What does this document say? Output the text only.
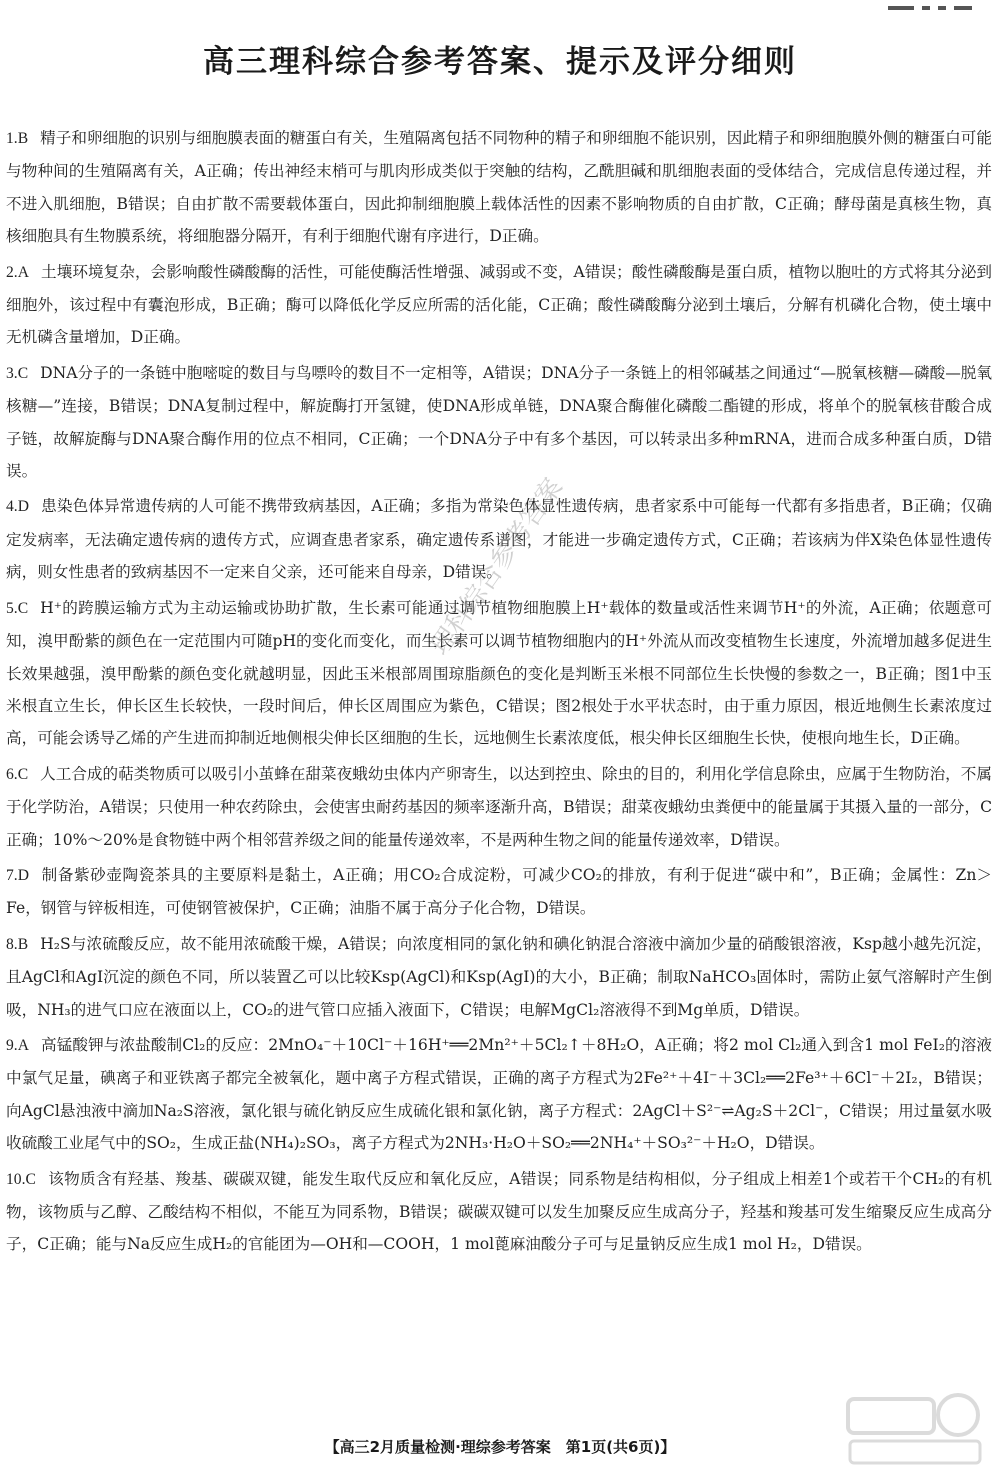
高三理科综合参考答案、提示及评分细则

1.B 精子和卵细胞的识别与细胞膜表面的糖蛋白有关，生殖隔离包括不同物种的精子和卵细胞不能识别，因此精子和卵细胞膜外侧的糖蛋白可能与物种间的生殖隔离有关，A正确；传出神经末梢可与肌肉形成类似于突触的结构，乙酰胆碱和肌细胞表面的受体结合，完成信息传递过程，并不进入肌细胞，B错误；自由扩散不需要载体蛋白，因此抑制细胞膜上载体活性的因素不影响物质的自由扩散，C正确；酵母菌是真核生物，真核细胞具有生物膜系统，将细胞器分隔开，有利于细胞代谢有序进行，D正确。

2.A 土壤环境复杂，会影响酸性磷酸酶的活性，可能使酶活性增强、减弱或不变，A错误；酸性磷酸酶是蛋白质，植物以胞吐的方式将其分泌到细胞外，该过程中有囊泡形成，B正确；酶可以降低化学反应所需的活化能，C正确；酸性磷酸酶分泌到土壤后，分解有机磷化合物，使土壤中无机磷含量增加，D正确。

3.C DNA分子的一条链中胞嘧啶的数目与鸟嘌呤的数目不一定相等，A错误；DNA分子一条链上的相邻碱基之间通过“—脱氧核糖—磷酸—脱氧核糖—”连接，B错误；DNA复制过程中，解旋酶打开氢键，使DNA形成单链，DNA聚合酶催化磷酸二酯键的形成，将单个的脱氧核苷酸合成子链，故解旋酶与DNA聚合酶作用的位点不相同，C正确；一个DNA分子中有多个基因，可以转录出多种mRNA，进而合成多种蛋白质，D错误。

4.D 患染色体异常遗传病的人可能不携带致病基因，A正确；多指为常染色体显性遗传病，患者家系中可能每一代都有多指患者，B正确；仅确定发病率，无法确定遗传病的遗传方式，应调查患者家系，确定遗传系谱图，才能进一步确定遗传方式，C正确；若该病为伴X染色体显性遗传病，则女性患者的致病基因不一定来自父亲，还可能来自母亲，D错误。

5.C H⁺的跨膜运输方式为主动运输或协助扩散，生长素可能通过调节植物细胞膜上H⁺载体的数量或活性来调节H⁺的外流，A正确；依题意可知，溴甲酚紫的颜色在一定范围内可随pH的变化而变化，而生长素可以调节植物细胞内的H⁺外流从而改变植物生长速度，外流增加越多促进生长效果越强，溴甲酚紫的颜色变化就越明显，因此玉米根部周围琼脂颜色的变化是判断玉米根不同部位生长快慢的参数之一，B正确；图1中玉米根直立生长，伸长区生长较快，一段时间后，伸长区周围应为紫色，C错误；图2根处于水平状态时，由于重力原因，根近地侧生长素浓度过高，可能会诱导乙烯的产生进而抑制近地侧根尖伸长区细胞的生长，远地侧生长素浓度低，根尖伸长区细胞生长快，使根向地生长，D正确。

6.C 人工合成的萜类物质可以吸引小茧蜂在甜菜夜蛾幼虫体内产卵寄生，以达到控虫、除虫的目的，利用化学信息除虫，应属于生物防治，不属于化学防治，A错误；只使用一种农药除虫，会使害虫耐药基因的频率逐渐升高，B错误；甜菜夜蛾幼虫粪便中的能量属于其摄入量的一部分，C正确；10%～20%是食物链中两个相邻营养级之间的能量传递效率，不是两种生物之间的能量传递效率，D错误。

7.D 制备紫砂壶陶瓷茶具的主要原料是黏土，A正确；用CO₂合成淀粉，可减少CO₂的排放，有利于促进“碳中和”，B正确；金属性：Zn＞Fe，钢管与锌板相连，可使钢管被保护，C正确；油脂不属于高分子化合物，D错误。

8.B H₂S与浓硫酸反应，故不能用浓硫酸干燥，A错误；向浓度相同的氯化钠和碘化钠混合溶液中滴加少量的硝酸银溶液，Ksp越小越先沉淀，且AgCl和AgI沉淀的颜色不同，所以装置乙可以比较Ksp(AgCl)和Ksp(AgI)的大小，B正确；制取NaHCO₃固体时，需防止氨气溶解时产生倒吸，NH₃的进气口应在液面以上，CO₂的进气管口应插入液面下，C错误；电解MgCl₂溶液得不到Mg单质，D错误。

9.A 高锰酸钾与浓盐酸制Cl₂的反应：2MnO₄⁻＋10Cl⁻＋16H⁺══2Mn²⁺＋5Cl₂↑＋8H₂O，A正确；将2 mol Cl₂通入到含1 mol FeI₂的溶液中氯气足量，碘离子和亚铁离子都完全被氧化，题中离子方程式错误，正确的离子方程式为2Fe²⁺＋4I⁻＋3Cl₂══2Fe³⁺＋6Cl⁻＋2I₂，B错误；向AgCl悬浊液中滴加Na₂S溶液，氯化银与硫化钠反应生成硫化银和氯化钠，离子方程式：2AgCl＋S²⁻⇌Ag₂S＋2Cl⁻，C错误；用过量氨水吸收硫酸工业尾气中的SO₂，生成正盐(NH₄)₂SO₃，离子方程式为2NH₃·H₂O＋SO₂══2NH₄⁺＋SO₃²⁻＋H₂O，D错误。

10.C 该物质含有羟基、羧基、碳碳双键，能发生取代反应和氧化反应，A错误；同系物是结构相似，分子组成上相差1个或若干个CH₂的有机物，该物质与乙醇、乙酸结构不相似，不能互为同系物，B错误；碳碳双键可以发生加聚反应生成高分子，羟基和羧基可发生缩聚反应生成高分子，C正确；能与Na反应生成H₂的官能团为—OH和—COOH，1 mol蓖麻油酸分子可与足量钠反应生成1 mol H₂，D错误。

理科综合参考答案
【高三2月质量检测·理综参考答案　第1页(共6页)】
